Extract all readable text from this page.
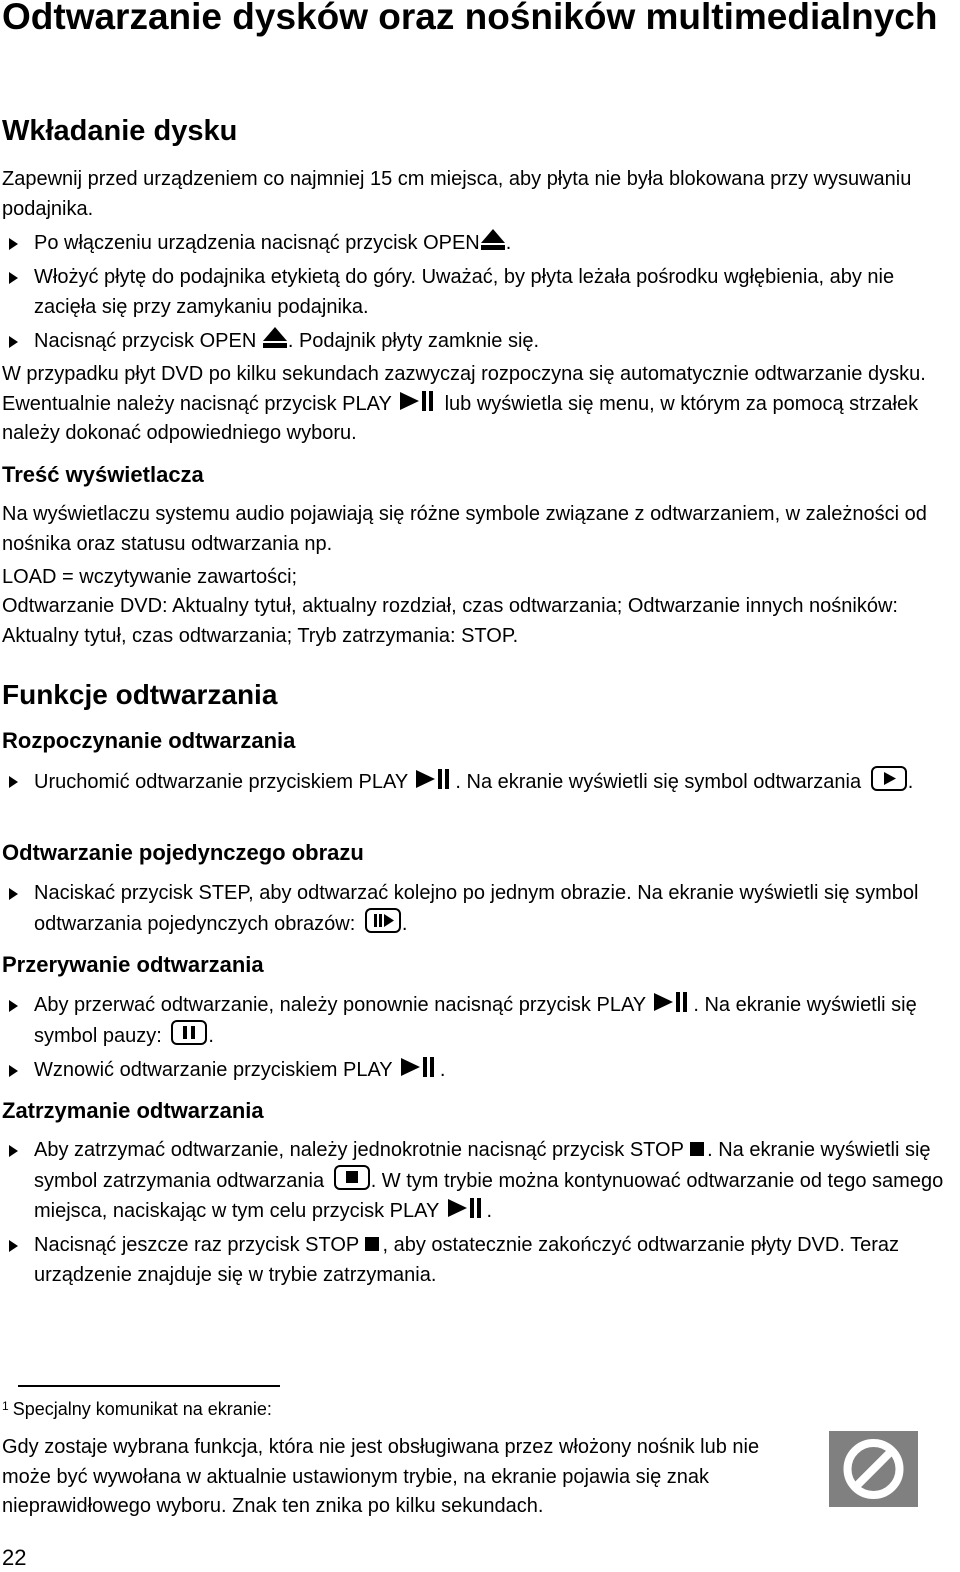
Odtwarzanie dysków oraz nośników multimedialnych
Wkładanie dysku

Zapewnij przed urządzeniem co najmniej 15 cm miejsca, aby płyta nie była blokowana przy wysuwaniu podajnika.

Po włączeniu urządzenia nacisnąć przycisk OPEN .
Włożyć płytę do podajnika etykietą do góry. Uważać, by płyta leżała pośrodku wgłębienia, aby nie zacięła się przy zamykaniu podajnika.
Nacisnąć przycisk OPEN
. Podajnik płyty zamknie się.

W przypadku płyt DVD po kilku sekundach zazwyczaj rozpoczyna się automatycznie odtwarzanie dysku. Ewentualnie należy nacisnąć przycisk PLAY  lub wyświetla się menu, w którym za pomocą strzałek należy dokonać odpowiedniego wyboru.

Treść wyświetlacza

Na wyświetlaczu systemu audio pojawiają się różne symbole związane z odtwarzaniem, w zależności od nośnika oraz statusu odtwarzania np.

LOAD = wczytywanie zawartości;

Odtwarzanie DVD: Aktualny tytuł, aktualny rozdział, czas odtwarzania; Odtwarzanie innych nośników: Aktualny tytuł, czas odtwarzania; Tryb zatrzymania: STOP.

Funkcje odtwarzania
Rozpoczynanie odtwarzania
Uruchomić odtwarzanie przyciskiem PLAY . Na ekranie wyświetli się symbol odtwarzania
.
Odtwarzanie pojedynczego obrazu
Naciskać przycisk STEP, aby odtwarzać kolejno po jednym obrazie. Na ekranie wyświetli się symbol odtwarzania pojedynczych obrazów:
.
Przerywanie odtwarzania
Aby przerwać odtwarzanie, należy ponownie nacisnąć przycisk PLAY . Na ekranie wyświetli się symbol pauzy:
.
Wznowić odtwarzanie przyciskiem PLAY .
Zatrzymanie odtwarzania
Aby zatrzymać odtwarzanie, należy jednokrotnie nacisnąć przycisk STOP . Na ekranie wyświetli się symbol zatrzymania odtwarzania
. W tym trybie można kontynuować odtwarzanie od tego samego miejsca, naciskając w tym celu przycisk PLAY .
Nacisnąć jeszcze raz przycisk STOP , aby ostatecznie zakończyć odtwarzanie płyty DVD. Teraz urządzenie znajduje się w trybie zatrzymania.
$^1$ Specjalny komunikat na ekranie:

Gdy zostaje wybrana funkcja, która nie jest obsługiwana przez włożony nośnik lub nie może być wywołana w aktualnie ustawionym trybie, na ekranie pojawia się znak nieprawidłowego wyboru. Znak ten znika po kilku sekundach.

22
